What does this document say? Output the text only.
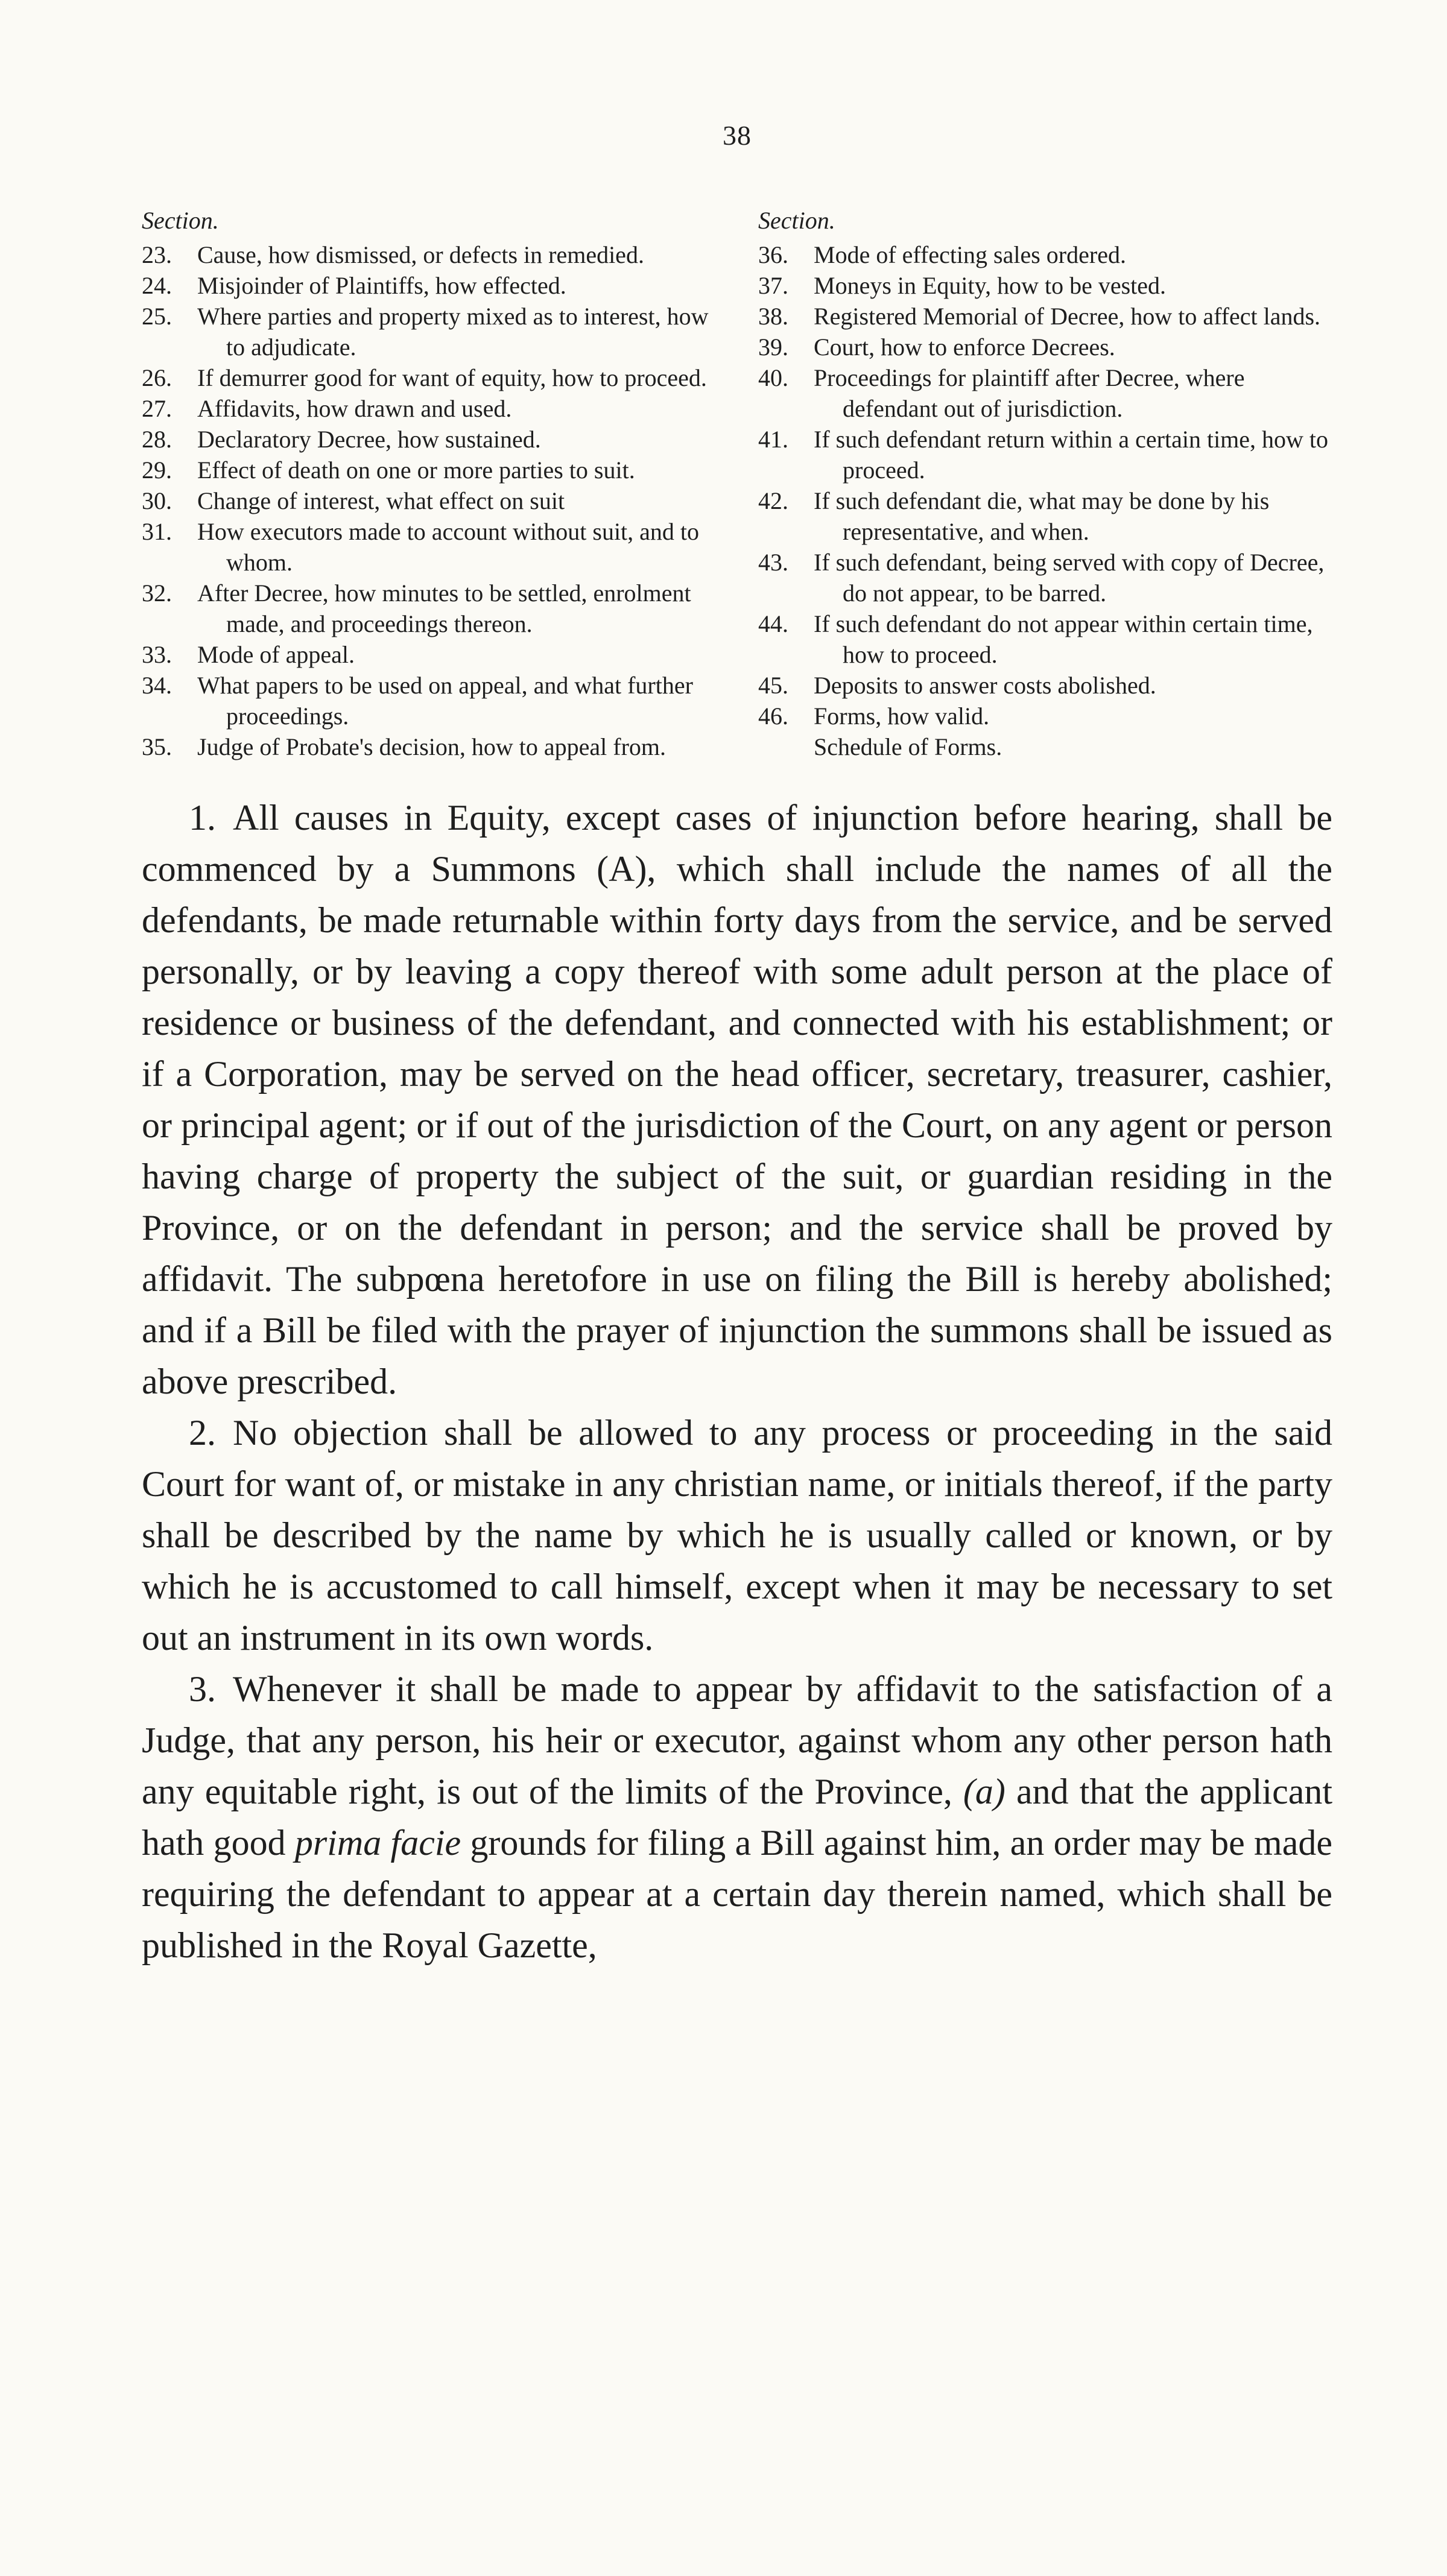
38
Section.
23. Cause, how dismissed, or defects in remedied.
24. Misjoinder of Plaintiffs, how effected.
25. Where parties and property mixed as to interest, how to adjudicate.
26. If demurrer good for want of equity, how to proceed.
27. Affidavits, how drawn and used.
28. Declaratory Decree, how sustained.
29. Effect of death on one or more parties to suit.
30. Change of interest, what effect on suit
31. How executors made to account without suit, and to whom.
32. After Decree, how minutes to be settled, enrolment made, and proceedings thereon.
33. Mode of appeal.
34. What papers to be used on appeal, and what further proceedings.
35. Judge of Probate's decision, how to appeal from.
Section.
36. Mode of effecting sales ordered.
37. Moneys in Equity, how to be vested.
38. Registered Memorial of Decree, how to affect lands.
39. Court, how to enforce Decrees.
40. Proceedings for plaintiff after Decree, where defendant out of jurisdiction.
41. If such defendant return within a certain time, how to proceed.
42. If such defendant die, what may be done by his representative, and when.
43. If such defendant, being served with copy of Decree, do not appear, to be barred.
44. If such defendant do not appear within certain time, how to proceed.
45. Deposits to answer costs abolished.
46. Forms, how valid.
Schedule of Forms.

1. All causes in Equity, except cases of injunction before hearing, shall be commenced by a Summons (A), which shall include the names of all the defendants, be made returnable within forty days from the service, and be served personally, or by leaving a copy thereof with some adult person at the place of residence or business of the defendant, and connected with his establishment; or if a Corporation, may be served on the head officer, secretary, treasurer, cashier, or principal agent; or if out of the jurisdiction of the Court, on any agent or person having charge of property the subject of the suit, or guardian residing in the Province, or on the defendant in person; and the service shall be proved by affidavit. The subpœna heretofore in use on filing the Bill is hereby abolished; and if a Bill be filed with the prayer of injunction the summons shall be issued as above prescribed.

2. No objection shall be allowed to any process or proceeding in the said Court for want of, or mistake in any christian name, or initials thereof, if the party shall be described by the name by which he is usually called or known, or by which he is accustomed to call himself, except when it may be necessary to set out an instrument in its own words.

3. Whenever it shall be made to appear by affidavit to the satisfaction of a Judge, that any person, his heir or executor, against whom any other person hath any equitable right, is out of the limits of the Province, (a) and that the applicant hath good prima facie grounds for filing a Bill against him, an order may be made requiring the defendant to appear at a certain day therein named, which shall be published in the Royal Gazette,
